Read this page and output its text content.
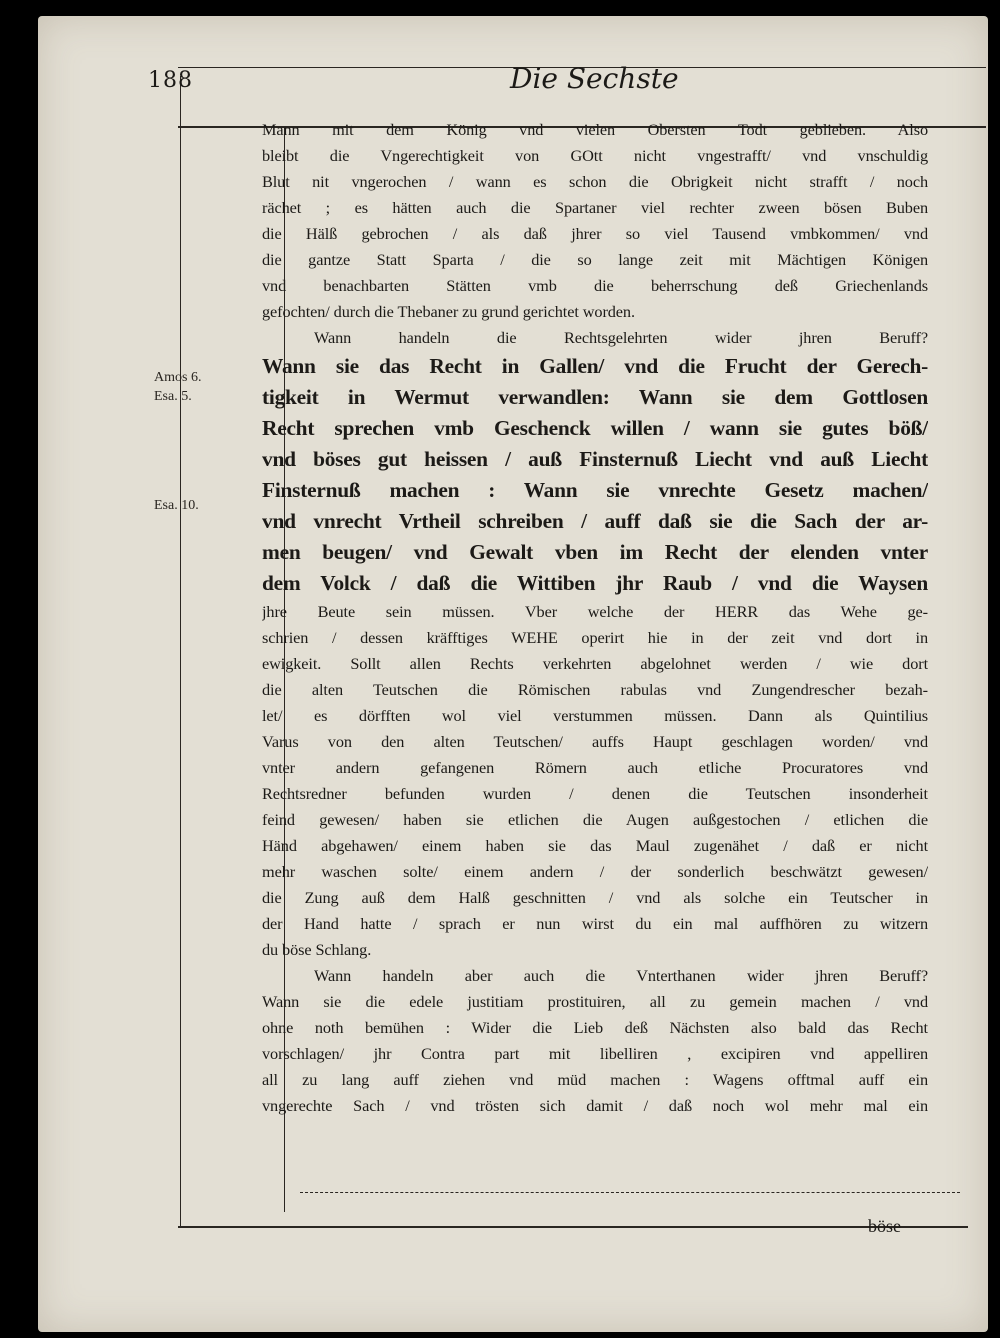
188	Die Sechste
Amos 6.
Esa. 5.
Esa. 10.
Mann mit dem König vnd vielen Obersten Todt geblieben. Also
bleibt die Vngerechtigkeit von GOtt nicht vngestrafft/ vnd vnschuldig
Blut nit vngerochen / wann es schon die Obrigkeit nicht strafft / noch
rächet ; es hätten auch die Spartaner viel rechter zween bösen Buben
die Hälß gebrochen / als daß jhrer so viel Tausend vmbkommen/ vnd
die gantze Statt Sparta / die so lange zeit mit Mächtigen Königen
vnd benachbarten Stätten vmb die beherrschung deß Griechenlands
gefochten/ durch die Thebaner zu grund gerichtet worden.
Wann handeln die Rechtsgelehrten wider jhren Beruff?
Wann sie das Recht in Gallen/ vnd die Frucht der Gerech-
tigkeit in Wermut verwandlen: Wann sie dem Gottlosen
Recht sprechen vmb Geschenck willen / wann sie gutes böß/
vnd böses gut heissen / auß Finsternuß Liecht vnd auß Liecht
Finsternuß machen : Wann sie vnrechte Gesetz machen/
vnd vnrecht Vrtheil schreiben / auff daß sie die Sach der ar-
men beugen/ vnd Gewalt vben im Recht der elenden vnter
dem Volck / daß die Wittiben jhr Raub / vnd die Waysen
jhre Beute sein müssen. Vber welche der HERR das Wehe ge-
schrien / dessen kräfftiges WEHE operirt hie in der zeit vnd dort in
ewigkeit. Sollt allen Rechts verkehrten abgelohnet werden / wie dort
die alten Teutschen die Römischen rabulas vnd Zungendrescher bezah-
let/ es dörfften wol viel verstummen müssen. Dann als Quintilius
Varus von den alten Teutschen/ auffs Haupt geschlagen worden/ vnd
vnter andern gefangenen Römern auch etliche Procuratores vnd
Rechtsredner befunden wurden / denen die Teutschen insonderheit
feind gewesen/ haben sie etlichen die Augen außgestochen / etlichen die
Händ abgehawen/ einem haben sie das Maul zugenähet / daß er nicht
mehr waschen solte/ einem andern / der sonderlich beschwätzt gewesen/
die Zung auß dem Halß geschnitten / vnd als solche ein Teutscher in
der Hand hatte / sprach er nun wirst du ein mal auffhören zu witzern
du böse Schlang.
Wann handeln aber auch die Vnterthanen wider jhren Beruff?
Wann sie die edele justitiam prostituiren, all zu gemein machen / vnd
ohne noth bemühen : Wider die Lieb deß Nächsten also bald das Recht
vorschlagen/ jhr Contra part mit libelliren , excipiren vnd appelliren
all zu lang auff ziehen vnd müd machen : Wagens offtmal auff ein
vngerechte Sach / vnd trösten sich damit / daß noch wol mehr mal ein
böse
